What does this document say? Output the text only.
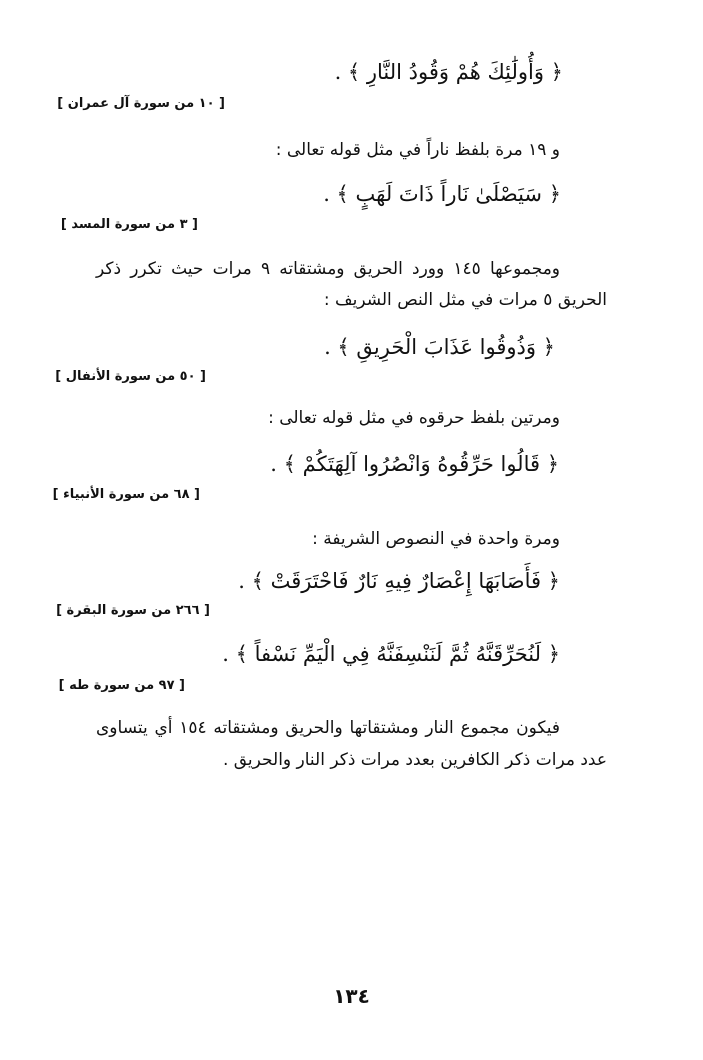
﴿ وَأُولَٰئِكَ هُمْ وَقُودُ النَّارِ ﴾ .
[ ١٠ من سورة آل عمران ]
و ١٩ مرة بلفظ ناراً في مثل قوله تعالى :
﴿ سَيَصْلَىٰ نَاراً ذَاتَ لَهَبٍ ﴾ .
[ ٣ من سورة المسد ]
ومجموعها ١٤٥ وورد الحريق ومشتقاته ٩ مرات حيث تكرر ذكر
الحريق ٥ مرات في مثل النص الشريف :
﴿ وَذُوقُوا عَذَابَ الْحَرِيقِ ﴾ .
[ ٥٠ من سورة الأنفال ]
ومرتين بلفظ حرقوه في مثل قوله تعالى :
﴿ قَالُوا حَرِّقُوهُ وَانْصُرُوا آلِهَتَكُمْ ﴾ .
[ ٦٨ من سورة الأنبياء ]
ومرة واحدة في النصوص الشريفة :
﴿ فَأَصَابَهَا إِعْصَارٌ فِيهِ نَارٌ فَاحْتَرَقَتْ ﴾ .
[ ٢٦٦ من سورة البقرة ]
﴿ لَنُحَرِّقَنَّهُ ثُمَّ لَنَنْسِفَنَّهُ فِي الْيَمِّ نَسْفاً ﴾ .
[ ٩٧ من سورة طه ]
فيكون مجموع النار ومشتقاتها والحريق ومشتقاته ١٥٤ أي يتساوى
عدد مرات ذكر الكافرين بعدد مرات ذكر النار والحريق .
١٣٤
